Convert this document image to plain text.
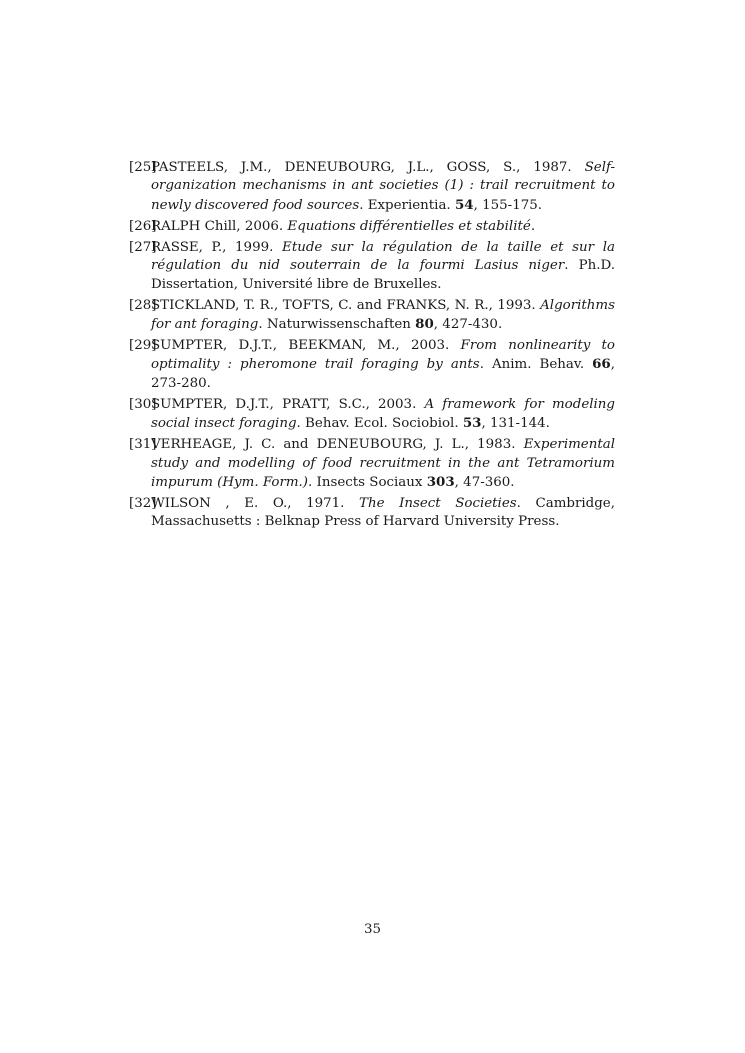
[25]
PASTEELS, J.M., DENEUBOURG, J.L., GOSS, S., 1987. Self-organization mechanisms in ant societies (1) : trail recruitment to newly discovered food sources. Experientia. 54, 155-175.
[26]
RALPH Chill, 2006. Equations différentielles et stabilité.
[27]
RASSE, P., 1999. Etude sur la régulation de la taille et sur la régulation du nid souterrain de la fourmi Lasius niger. Ph.D. Dissertation, Université libre de Bruxelles.
[28]
STICKLAND, T. R., TOFTS, C. and FRANKS, N. R., 1993. Algorithms for ant foraging. Naturwissenschaften 80, 427-430.
[29]
SUMPTER, D.J.T., BEEKMAN, M., 2003. From nonlinearity to optimality : pheromone trail foraging by ants. Anim. Behav. 66, 273-280.
[30]
SUMPTER, D.J.T., PRATT, S.C., 2003. A framework for modeling social insect foraging. Behav. Ecol. Sociobiol. 53, 131-144.
[31]
VERHEAGE, J. C. and DENEUBOURG, J. L., 1983. Experimental study and modelling of food recruitment in the ant Tetramorium impurum (Hym. Form.). Insects Sociaux 303, 47-360.
[32]
WILSON , E. O., 1971. The Insect Societies. Cambridge, Massachusetts : Belknap Press of Harvard University Press.
35
